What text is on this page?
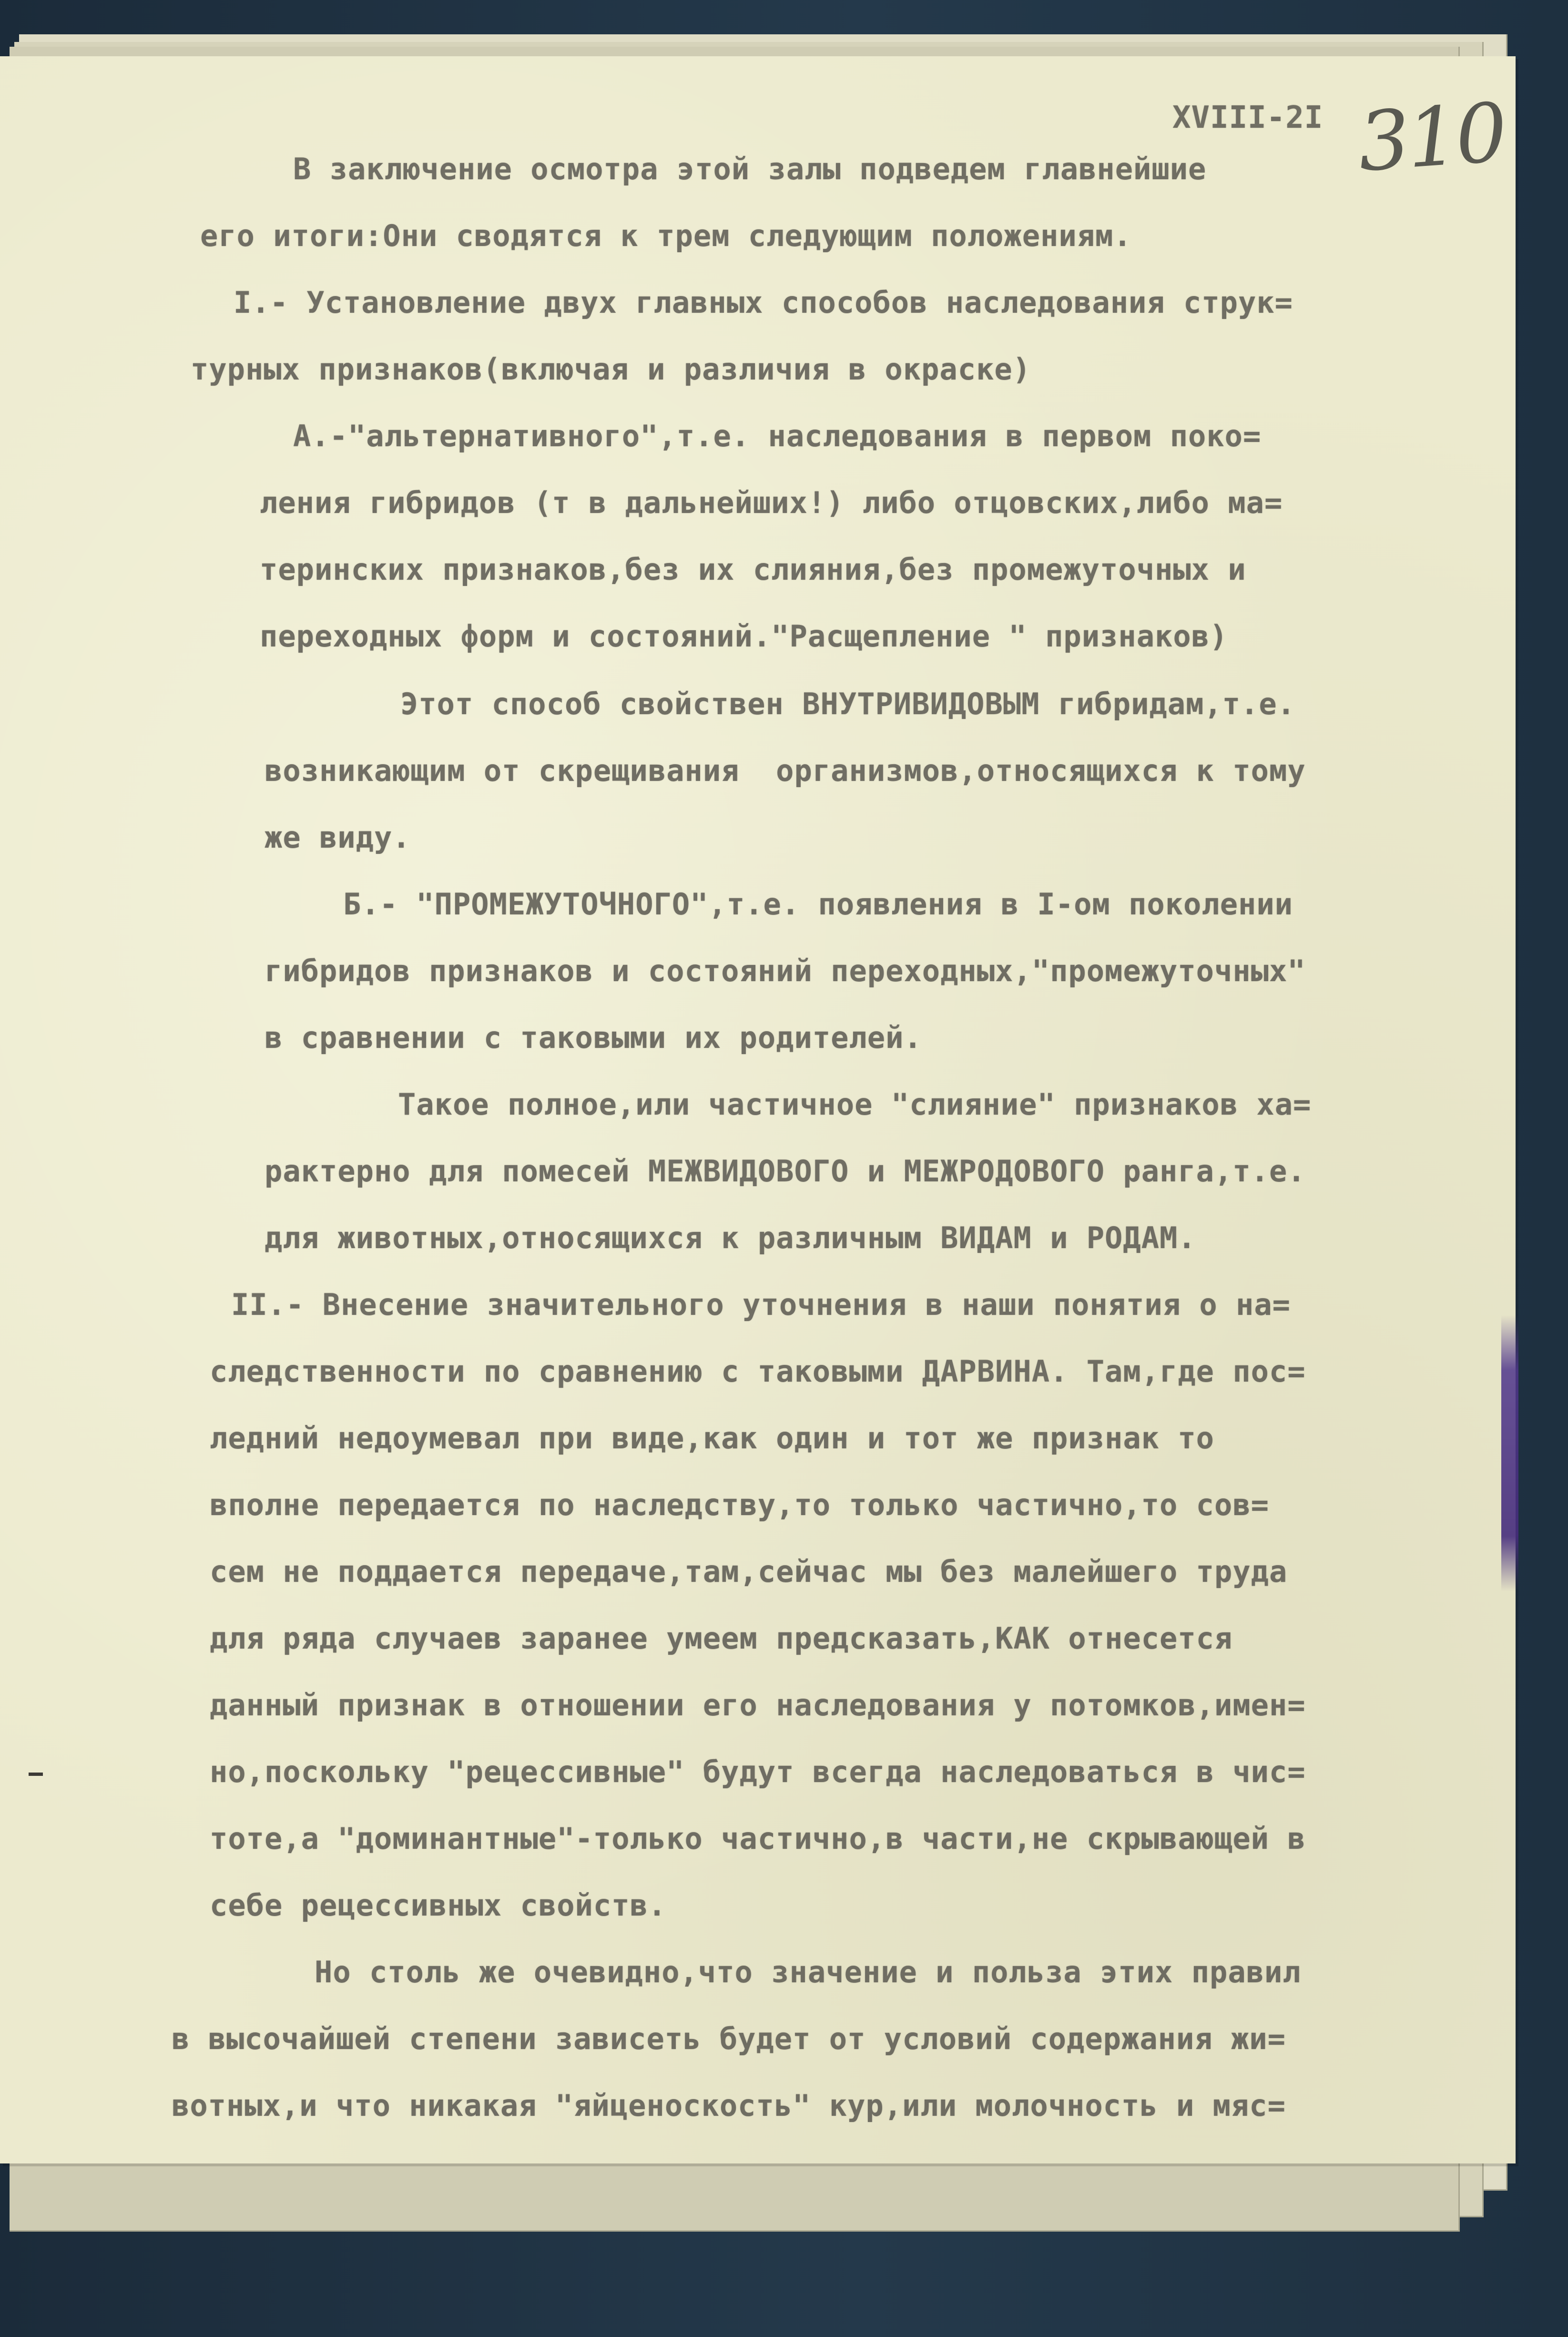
XVIII-2I 310

В заключение осмотра этой залы подведем главнейшие

его итоги:Они сводятся к трем следующим положениям.

I.- Установление двух главных способов наследования струк=

турных признаков(включая и различия в окраске)

А.-"альтернативного",т.е. наследования в первом поко=

ления гибридов (т в дальнейших!) либо отцовских,либо ма=

теринских признаков,без их слияния,без промежуточных и

переходных форм и состояний."Расщепление " признаков)

Этот способ свойствен ВНУТРИВИДОВЫМ гибридам,т.е.

возникающим от скрещивания  организмов,относящихся к тому

же виду.

Б.- "ПРОМЕЖУТОЧНОГО",т.е. появления в I-ом поколении

гибридов признаков и состояний переходных,"промежуточных"

в сравнении с таковыми их родителей.

Такое полное,или частичное "слияние" признаков ха=

рактерно для помесей МЕЖВИДОВОГО и МЕЖРОДОВОГО ранга,т.е.

для животных,относящихся к различным ВИДАМ и РОДАМ.

II.- Внесение значительного уточнения в наши понятия о на=

следственности по сравнению с таковыми ДАРВИНА. Там,где пос=

ледний недоумевал при виде,как один и тот же признак то

вполне передается по наследству,то только частично,то сов=

сем не поддается передаче,там,сейчас мы без малейшего труда

для ряда случаев заранее умеем предсказать,КАК отнесется

данный признак в отношении его наследования у потомков,имен=

но,поскольку "рецессивные" будут всегда наследоваться в чис=

тоте,а "доминантные"-только частично,в части,не скрывающей в

себе рецессивных свойств.

Но столь же очевидно,что значение и польза этих правил

в высочайшей степени зависеть будет от условий содержания жи=

вотных,и что никакая "яйценоскость" кур,или молочность и мяс=
